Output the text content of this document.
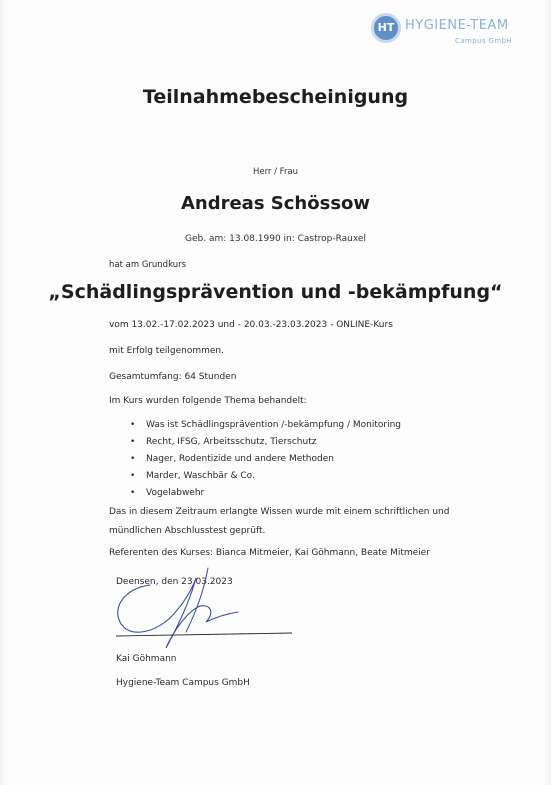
HT HYGIENE-TEAM
Campus GmbH
Teilnahmebescheinigung
Herr / Frau
Andreas Schössow
Geb. am: 13.08.1990 in: Castrop-Rauxel
hat am Grundkurs
„Schädlingsprävention und -bekämpfung“
vom 13.02.-17.02.2023 und - 20.03.-23.03.2023 - ONLINE-Kurs
mit Erfolg teilgenommen.
Gesamtumfang: 64 Stunden
Im Kurs wurden folgende Thema behandelt:
• Was ist Schädlingsprävention /-bekämpfung / Monitoring
• Recht, IFSG, Arbeitsschutz, Tierschutz
• Nager, Rodentizide und andere Methoden
• Marder, Waschbär & Co.
• Vogelabwehr
Das in diesem Zeitraum erlangte Wissen wurde mit einem schriftlichen und
mündlichen Abschlusstest geprüft.
Referenten des Kurses: Bianca Mitmeier, Kai Göhmann, Beate Mitmeier
Deensen, den 23.03.2023
Kai Göhmann
Hygiene-Team Campus GmbH
